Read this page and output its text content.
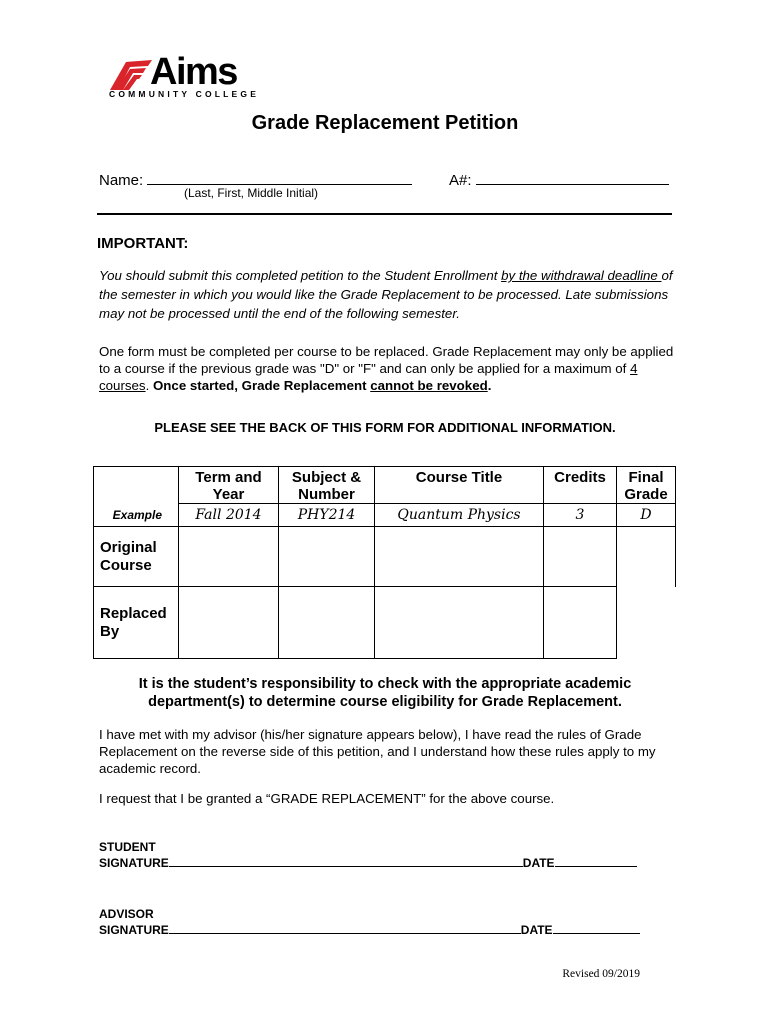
Aims
COMMUNITY COLLEGE
Grade Replacement Petition
Name:
(Last, First, Middle Initial)
A#:
IMPORTANT:
You should submit this completed petition to the Student Enrollment by the withdrawal deadline of the semester in which you would like the Grade Replacement to be processed. Late submissions may not be processed until the end of the following semester.
One form must be completed per course to be replaced. Grade Replacement may only be applied to a course if the previous grade was "D" or "F" and can only be applied for a maximum of 4 courses. Once started, Grade Replacement cannot be revoked.
PLEASE SEE THE BACK OF THIS FORM FOR ADDITIONAL INFORMATION.
	Term and Year	Subject & Number	Course Title	Credits	Final Grade
Example	Fall 2014	PHY214	Quantum Physics	3	D
Original Course					
Replaced By					
It is the student’s responsibility to check with the appropriate academic department(s) to determine course eligibility for Grade Replacement.
I have met with my advisor (his/her signature appears below), I have read the rules of Grade Replacement on the reverse side of this petition, and I understand how these rules apply to my academic record.
I request that I be granted a “GRADE REPLACEMENT” for the above course.
STUDENT
SIGNATURE	DATE
ADVISOR
SIGNATURE	DATE
Revised 09/2019
